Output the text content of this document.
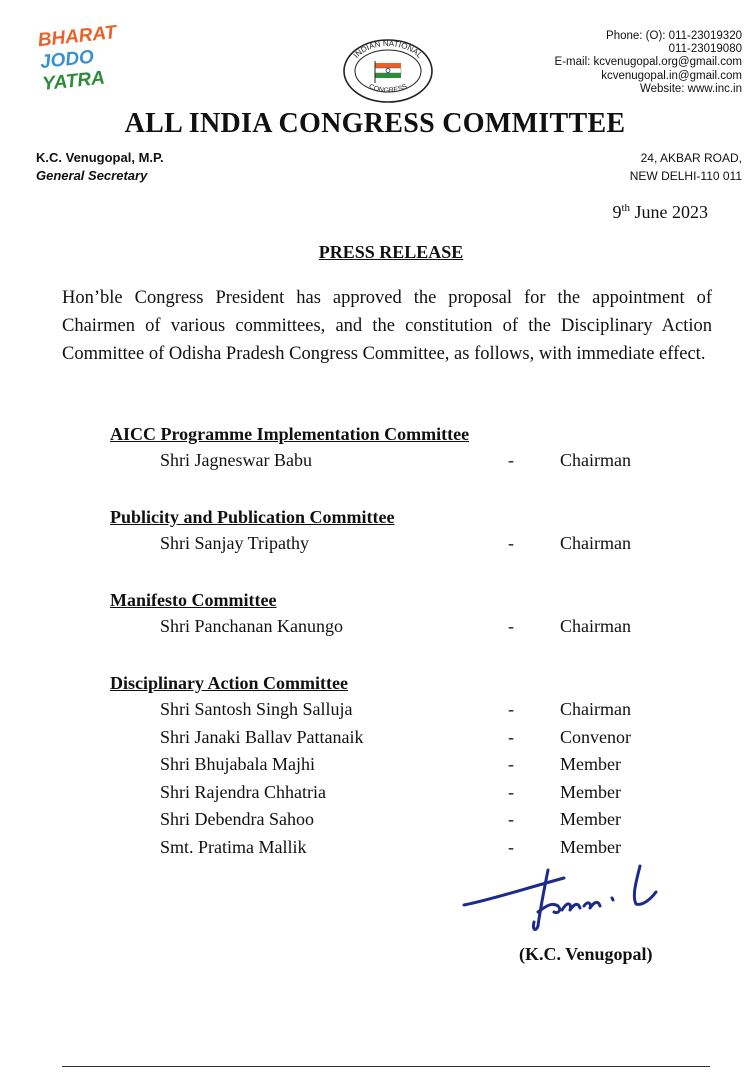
BHARAT
JODO
YATRA
INDIAN NATIONAL
CONGRESS
Phone: (O): 011-23019320
011-23019080
E-mail: kcvenugopal.org@gmail.com
kcvenugopal.in@gmail.com
Website: www.inc.in
ALL INDIA CONGRESS COMMITTEE
K.C. Venugopal, M.P.
General Secretary
24, AKBAR ROAD,
NEW DELHI-110 011
9th June 2023
PRESS RELEASE
Hon’ble Congress President has approved the proposal for the appointment of Chairmen of various committees, and the constitution of the Disciplinary Action Committee of Odisha Pradesh Congress Committee, as follows, with immediate effect.
AICC Programme Implementation Committee
Shri Jagneswar Babu	-	Chairman
Publicity and Publication Committee
Shri Sanjay Tripathy	-	Chairman
Manifesto Committee
Shri Panchanan Kanungo	-	Chairman
Disciplinary Action Committee
Shri Santosh Singh Salluja	-	Chairman
Shri Janaki Ballav Pattanaik	-	Convenor
Shri Bhujabala Majhi	-	Member
Shri Rajendra Chhatria	-	Member
Shri Debendra Sahoo	-	Member
Smt. Pratima Mallik	-	Member
(K.C. Venugopal)
